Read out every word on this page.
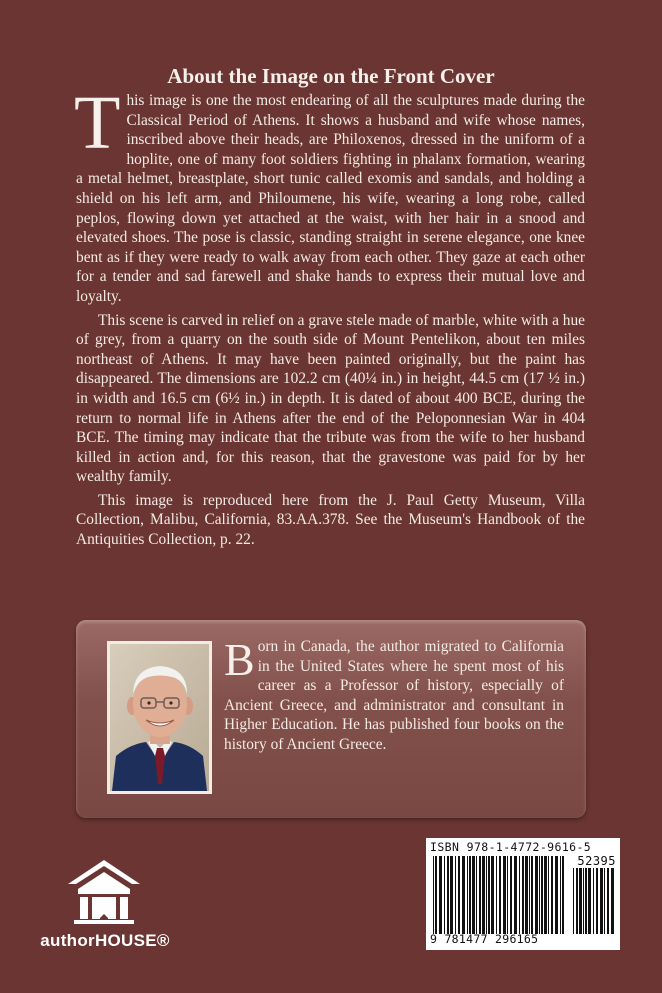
About the Image on the Front Cover

This image is one the most endearing of all the sculptures made during the Classical Period of Athens. It shows a husband and wife whose names, inscribed above their heads, are Philoxenos, dressed in the uniform of a hoplite, one of many foot soldiers fighting in phalanx formation, wearing a metal helmet, breastplate, short tunic called exomis and sandals, and holding a shield on his left arm, and Philoumene, his wife, wearing a long robe, called peplos, flowing down yet attached at the waist, with her hair in a snood and elevated shoes. The pose is classic, standing straight in serene elegance, one knee bent as if they were ready to walk away from each other. They gaze at each other for a tender and sad farewell and shake hands to express their mutual love and loyalty.

This scene is carved in relief on a grave stele made of marble, white with a hue of grey, from a quarry on the south side of Mount Pentelikon, about ten miles northeast of Athens. It may have been painted originally, but the paint has disappeared. The dimensions are 102.2 cm (40¼ in.) in height, 44.5 cm (17 ½ in.) in width and 16.5 cm (6½ in.) in depth. It is dated of about 400 BCE, during the return to normal life in Athens after the end of the Peloponnesian War in 404 BCE. The timing may indicate that the tribute was from the wife to her husband killed in action and, for this reason, that the gravestone was paid for by her wealthy family.

This image is reproduced here from the J. Paul Getty Museum, Villa Collection, Malibu, California, 83.AA.378. See the Museum's Handbook of the Antiquities Collection, p. 22.

Born in Canada, the author migrated to California in the United States where he spent most of his career as a Professor of history, especially of Ancient Greece, and administrator and consultant in Higher Education. He has published four books on the history of Ancient Greece.
authorHOUSE®
ISBN 978-1-4772-9616-5
52395
9 781477 296165
